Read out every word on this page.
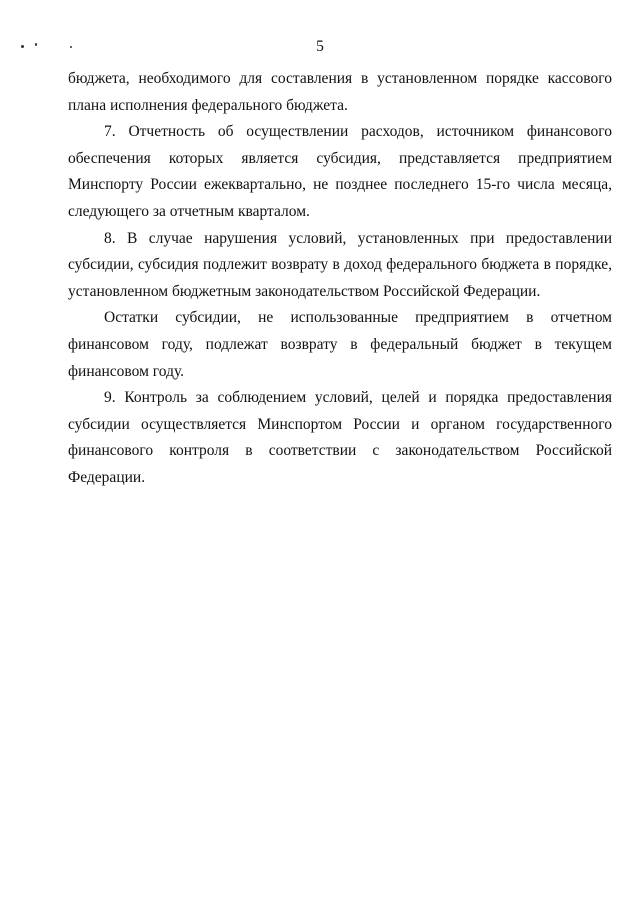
5

бюджета, необходимого для составления в установленном порядке кассового плана исполнения федерального бюджета.

7. Отчетность об осуществлении расходов, источником финансового обеспечения которых является субсидия, представляется предприятием Минспорту России ежеквартально, не позднее последнего 15-го числа месяца, следующего за отчетным кварталом.

8. В случае нарушения условий, установленных при предоставлении субсидии, субсидия подлежит возврату в доход федерального бюджета в порядке, установленном бюджетным законодательством Российской Федерации.

Остатки субсидии, не использованные предприятием в отчетном финансовом году, подлежат возврату в федеральный бюджет в текущем финансовом году.

9. Контроль за соблюдением условий, целей и порядка предоставления субсидии осуществляется Минспортом России и органом государственного финансового контроля в соответствии с законодательством Российской Федерации.
